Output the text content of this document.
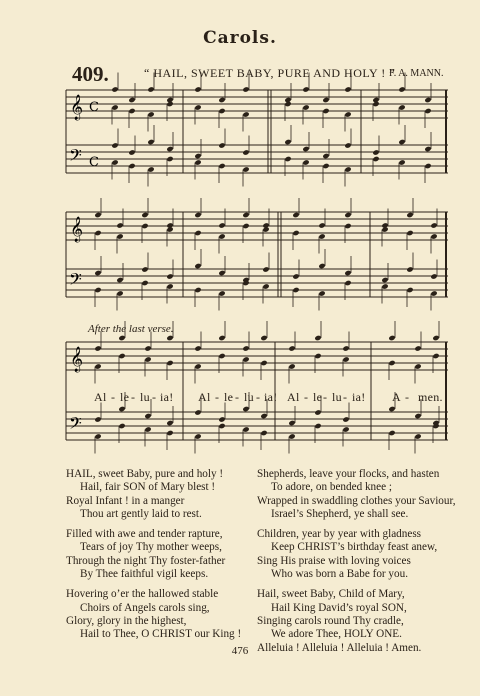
Carols.
409.	“ HAIL, SWEET BABY, PURE AND HOLY ! ”
F. A. MANN.
𝄞
𝄢
C
C
𝄞
𝄢
𝄞
𝄢
After the last verse.
Al - le - lu - ia! Al - le - lu - ia! Al - le - lu - ia! A - men.
HAIL, sweet Baby, pure and holy !
Hail, fair SON of Mary blest !
Royal Infant ! in a manger
Thou art gently laid to rest.
Filled with awe and tender rapture,
Tears of joy Thy mother weeps,
Through the night Thy foster-father
By Thee faithful vigil keeps.
Hovering o’er the hallowed stable
Choirs of Angels carols sing,
Glory, glory in the highest,
Hail to Thee, O CHRIST our King !
Shepherds, leave your flocks, and hasten
To adore, on bended knee ;
Wrapped in swaddling clothes your Saviour,
Israel’s Shepherd, ye shall see.
Children, year by year with gladness
Keep CHRIST’s birthday feast anew,
Sing His praise with loving voices
Who was born a Babe for you.
Hail, sweet Baby, Child of Mary,
Hail King David’s royal SON,
Singing carols round Thy cradle,
We adore Thee, HOLY ONE.
Alleluia ! Alleluia ! Alleluia ! Amen.
476
